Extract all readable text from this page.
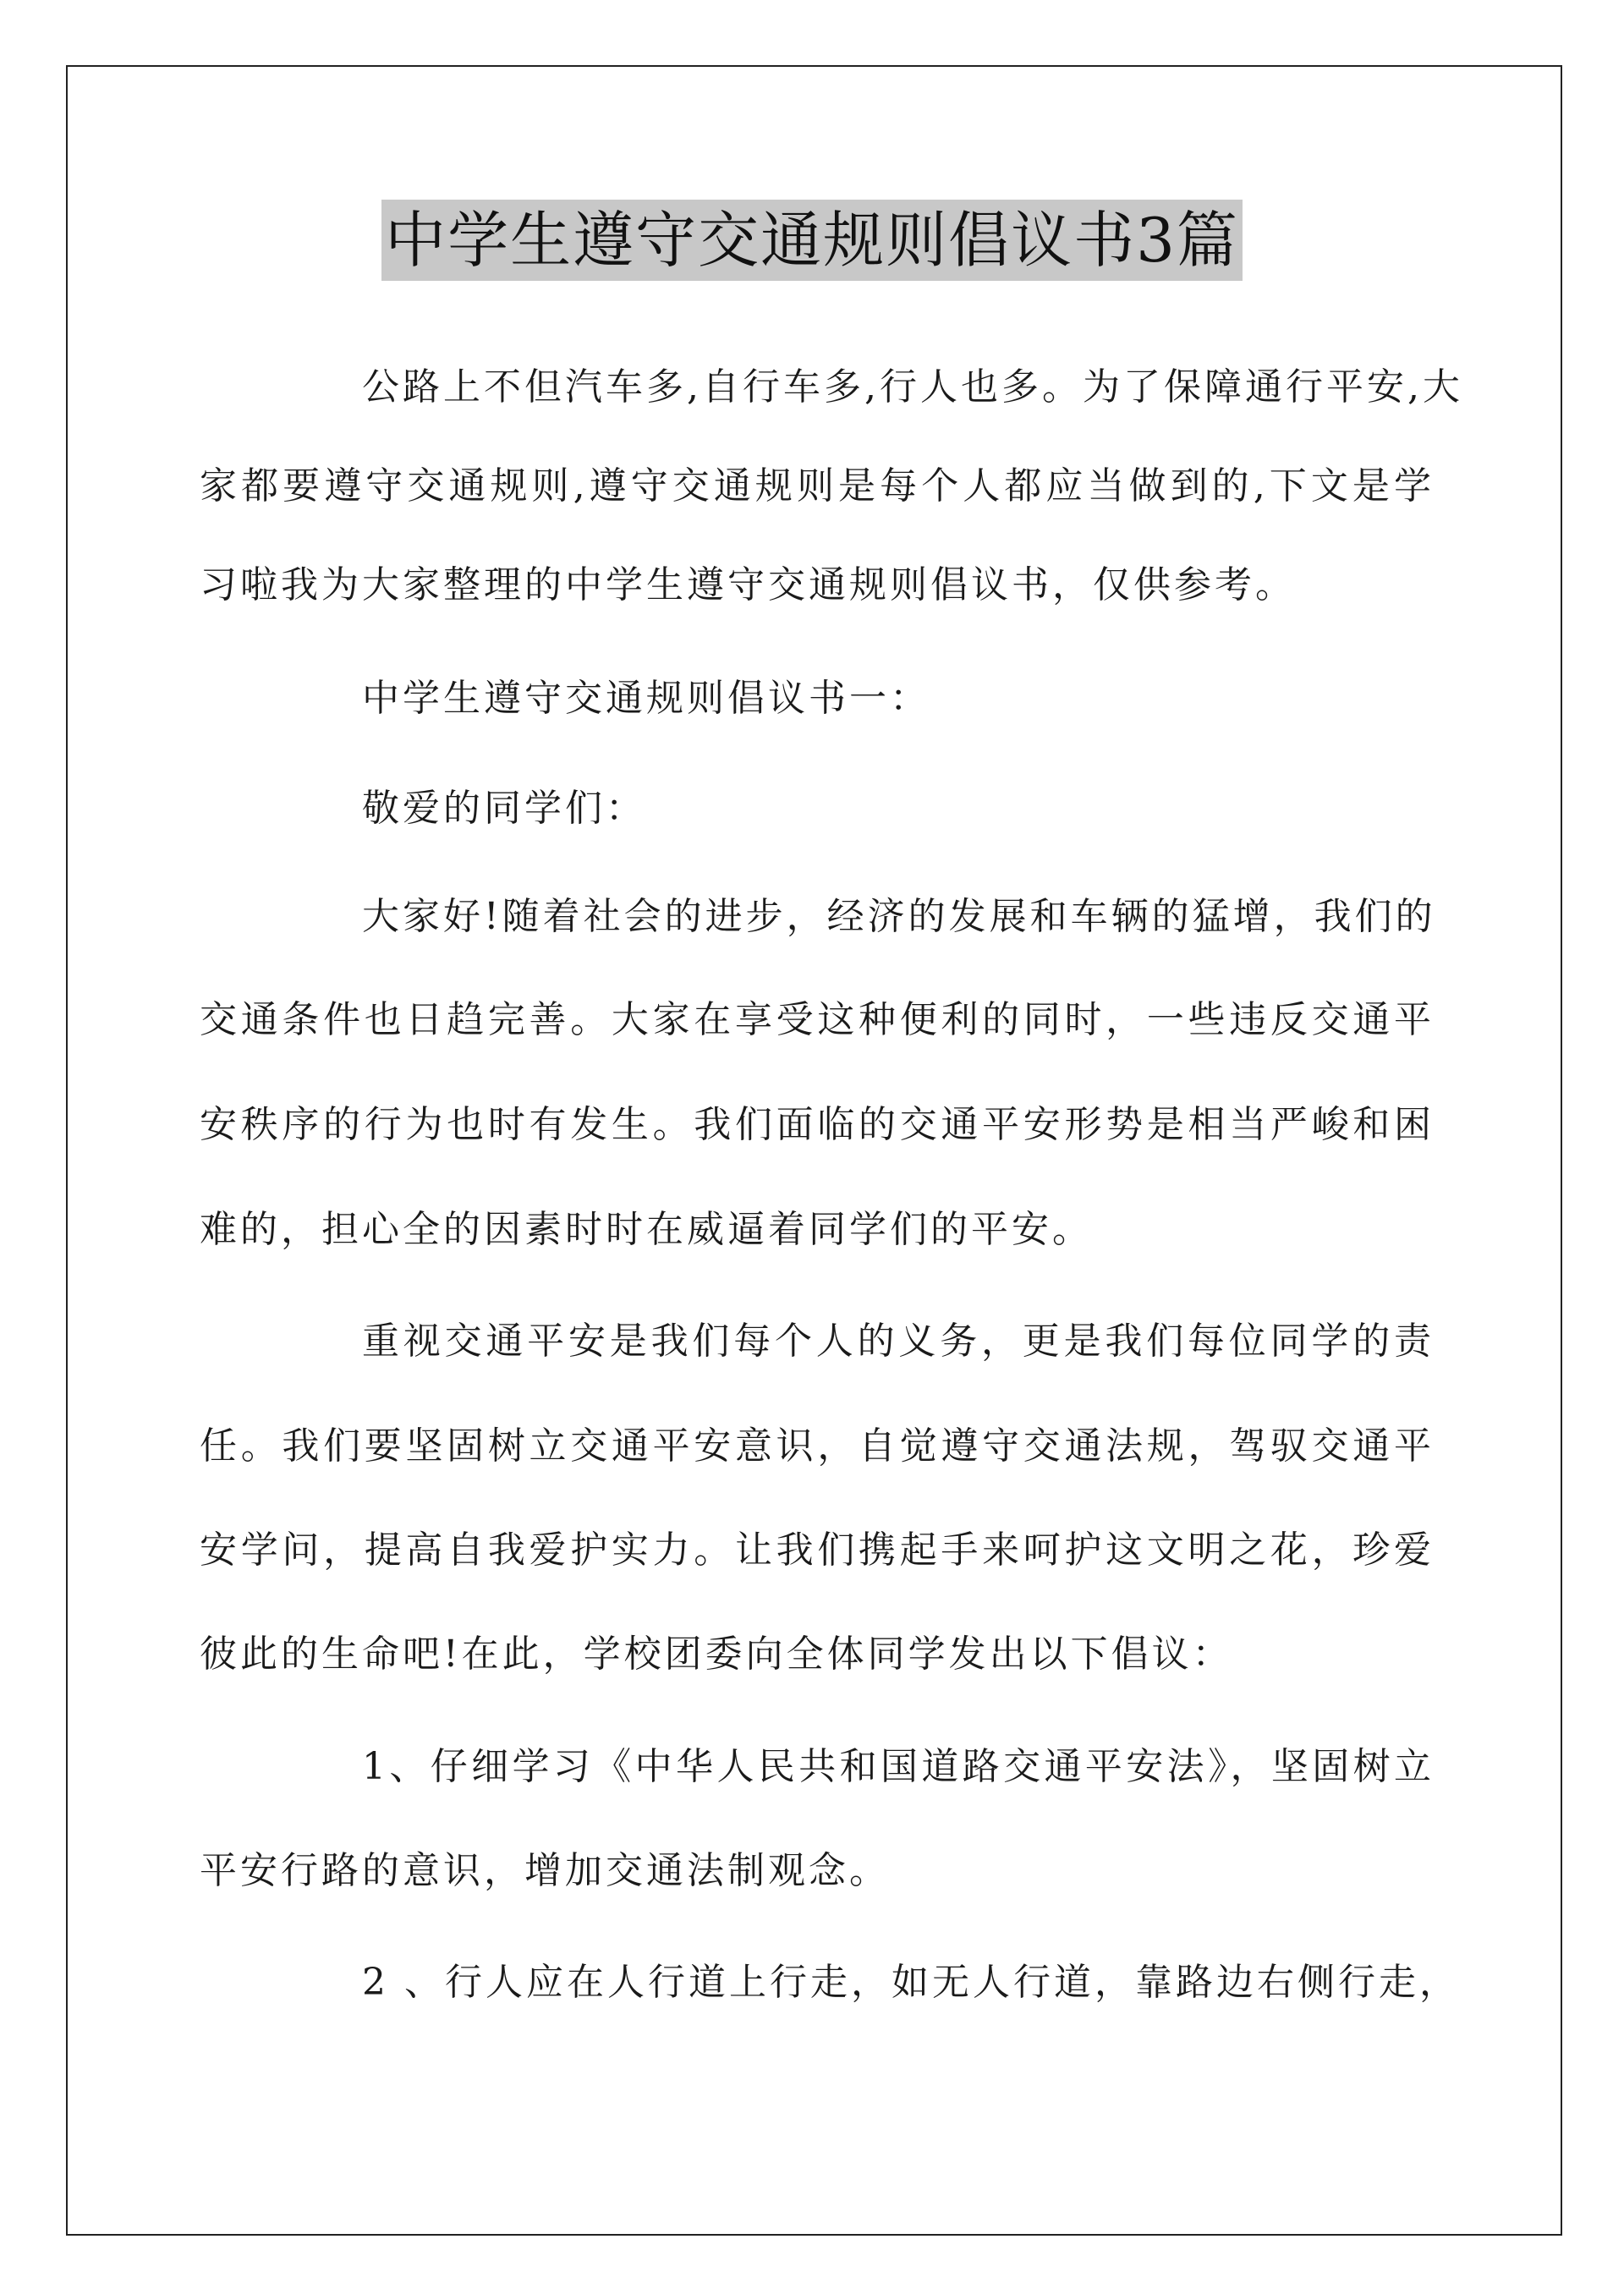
中学生遵守交通规则倡议书3篇
公路上不但汽车多,自行车多,行人也多。为了保障通行平安,大
家都要遵守交通规则,遵守交通规则是每个人都应当做到的,下文是学
习啦我为大家整理的中学生遵守交通规则倡议书，仅供参考。
中学生遵守交通规则倡议书一：
敬爱的同学们：
大家好!随着社会的进步，经济的发展和车辆的猛增，我们的
交通条件也日趋完善。大家在享受这种便利的同时，一些违反交通平
安秩序的行为也时有发生。我们面临的交通平安形势是相当严峻和困
难的，担心全的因素时时在威逼着同学们的平安。
重视交通平安是我们每个人的义务，更是我们每位同学的责
任。我们要坚固树立交通平安意识，自觉遵守交通法规，驾驭交通平
安学问，提高自我爱护实力。让我们携起手来呵护这文明之花，珍爱
彼此的生命吧!在此，学校团委向全体同学发出以下倡议：
1、仔细学习《中华人民共和国道路交通平安法》，坚固树立
平安行路的意识，增加交通法制观念。
2 、行人应在人行道上行走，如无人行道，靠路边右侧行走，
